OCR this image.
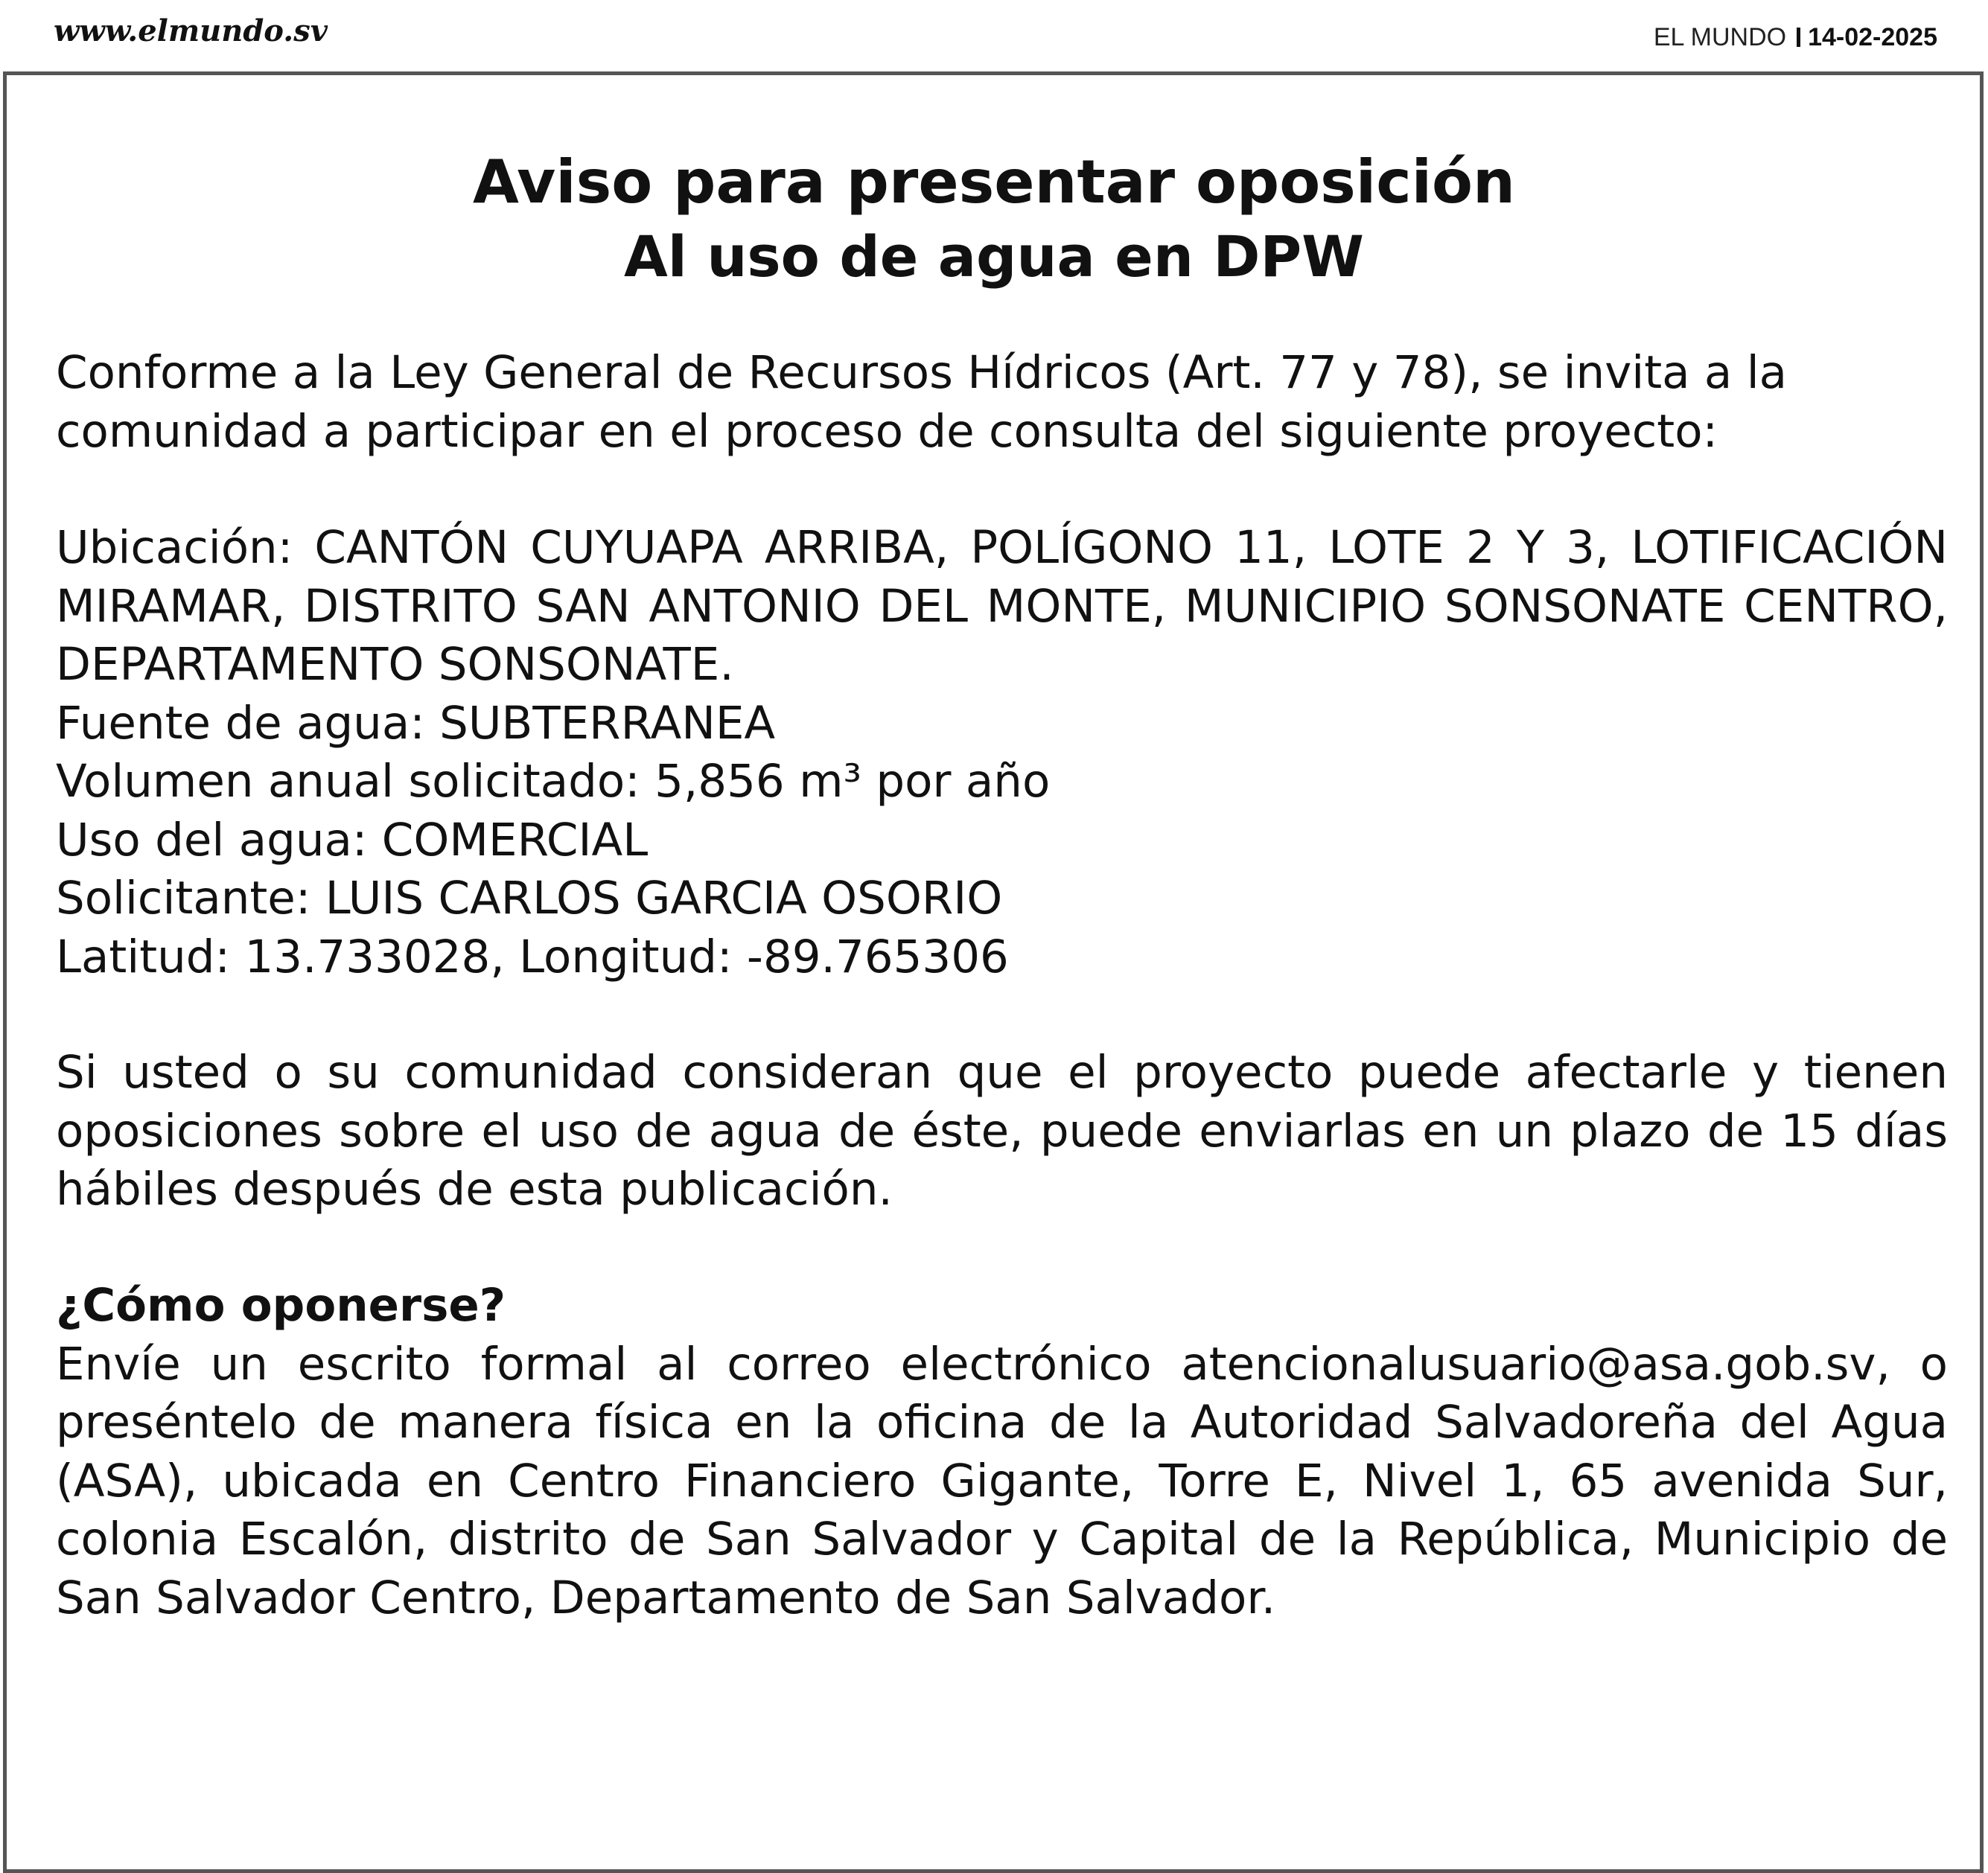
www.elmundo.sv	EL MUNDO 14-02-2025
Aviso para presentar oposición
Al uso de agua en DPW

Conforme a la Ley General de Recursos Hídricos (Art. 77 y 78), se invita a la comunidad a participar en el proceso de consulta del siguiente proyecto:

Ubicación: CANTÓN CUYUAPA ARRIBA, POLÍGONO 11, LOTE 2 Y 3, LOTIFICACIÓN MIRAMAR, DISTRITO SAN ANTONIO DEL MONTE, MUNICIPIO SONSONATE CENTRO, DEPARTAMENTO SONSONATE.

Fuente de agua: SUBTERRANEA

Volumen anual solicitado: 5,856 m³ por año

Uso del agua: COMERCIAL

Solicitante: LUIS CARLOS GARCIA OSORIO

Latitud: 13.733028, Longitud: -89.765306

Si usted o su comunidad consideran que el proyecto puede afectarle y tienen oposiciones sobre el uso de agua de éste, puede enviarlas en un plazo de 15 días hábiles después de esta publicación.

¿Cómo oponerse?

Envíe un escrito formal al correo electrónico atencionalusuario@asa.gob.sv, o preséntelo de manera física en la oficina de la Autoridad Salvadoreña del Agua (ASA), ubicada en Centro Financiero Gigante, Torre E, Nivel 1, 65 avenida Sur, colonia Escalón, distrito de San Salvador y Capital de la República, Municipio de San Salvador Centro, Departamento de San Salvador.
